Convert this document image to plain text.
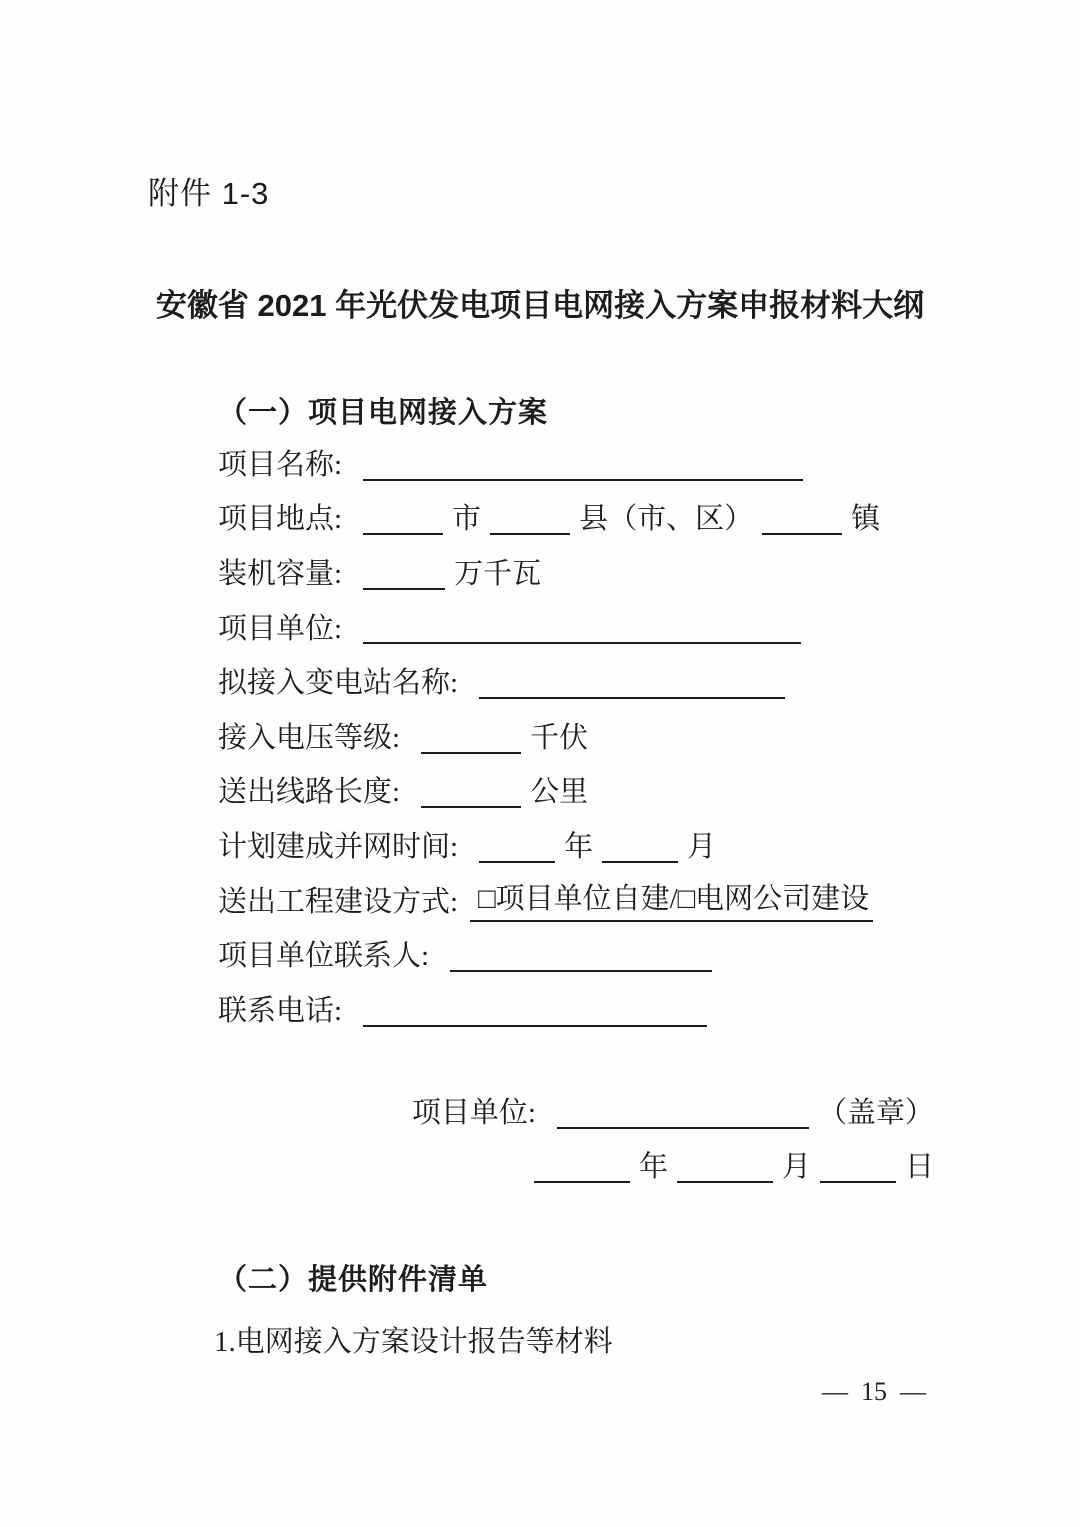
附件 1-3
安徽省 2021 年光伏发电项目电网接入方案申报材料大纲
（一）项目电网接入方案
项目名称:
项目地点:	市	县（市、区）	镇
装机容量:	万千瓦
项目单位:
拟接入变电站名称:
接入电压等级:	千伏
送出线路长度:	公里
计划建成并网时间:	年	月
送出工程建设方式: □项目单位自建/□电网公司建设
项目单位联系人:
联系电话:
项目单位:	（盖章）
年	月	日
（二）提供附件清单
1.电网接入方案设计报告等材料
— 15 —
